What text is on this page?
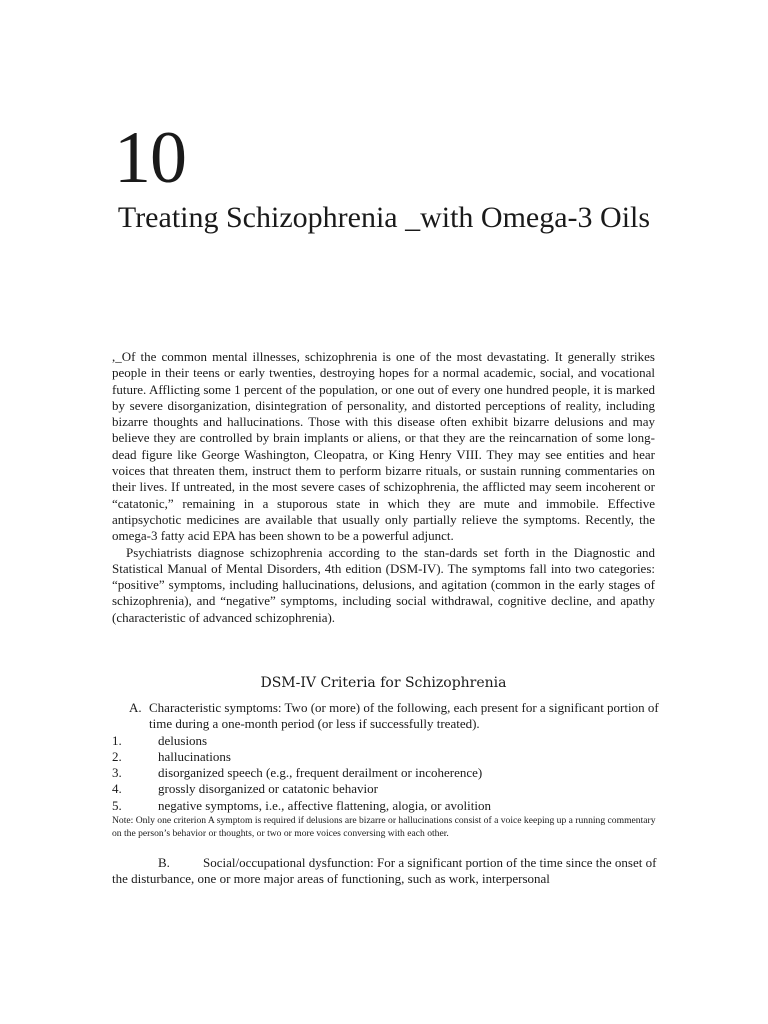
10
Treating Schizophrenia _with Omega-3 Oils

,_Of the common mental illnesses, schizophrenia is one of the most devastating. It generally strikes people in their teens or early twenties, destroying hopes for a normal academic, social, and vocational future. Afflicting some 1 percent of the population, or one out of every one hundred people, it is marked by severe disorganization, disintegration of personality, and distorted perceptions of reality, including bizarre thoughts and hallucinations. Those with this disease often exhibit bizarre delusions and may believe they are controlled by brain implants or aliens, or that they are the reincarnation of some long-dead figure like George Washington, Cleopatra, or King Henry VIII. They may see entities and hear voices that threaten them, instruct them to perform bizarre rituals, or sustain running commentaries on their lives. If untreated, in the most severe cases of schizophrenia, the afflicted may seem incoherent or “catatonic,” remaining in a stuporous state in which they are mute and immobile. Effective antipsychotic medicines are available that usually only partially relieve the symptoms. Recently, the omega-3 fatty acid EPA has been shown to be a powerful adjunct.

Psychiatrists diagnose schizophrenia according to the stan-dards set forth in the Diagnostic and Statistical Manual of Mental Disorders, 4th edition (DSM-IV). The symptoms fall into two categories: “positive” symptoms, including hallucinations, delusions, and agitation (common in the early stages of schizophrenia), and “negative” symptoms, including social withdrawal, cognitive decline, and apathy (characteristic of advanced schizophrenia).

DSM-IV Criteria for Schizophrenia
A. Characteristic symptoms: Two (or more) of the following, each present for a significant portion of time during a one-month period (or less if successfully treated).
1.	delusions
2.	hallucinations
3.	disorganized speech (e.g., frequent derailment or incoherence)
4.	grossly disorganized or catatonic behavior
5.	negative symptoms, i.e., affective flattening, alogia, or avolition
Note: Only one criterion A symptom is required if delusions are bizarre or hallucinations consist of a voice keeping up a running commentary on the person’s behavior or thoughts, or two or more voices conversing with each other.
B.	Social/occupational dysfunction: For a significant portion of the time since the onset of the disturbance, one or more major areas of functioning, such as work, interpersonal
